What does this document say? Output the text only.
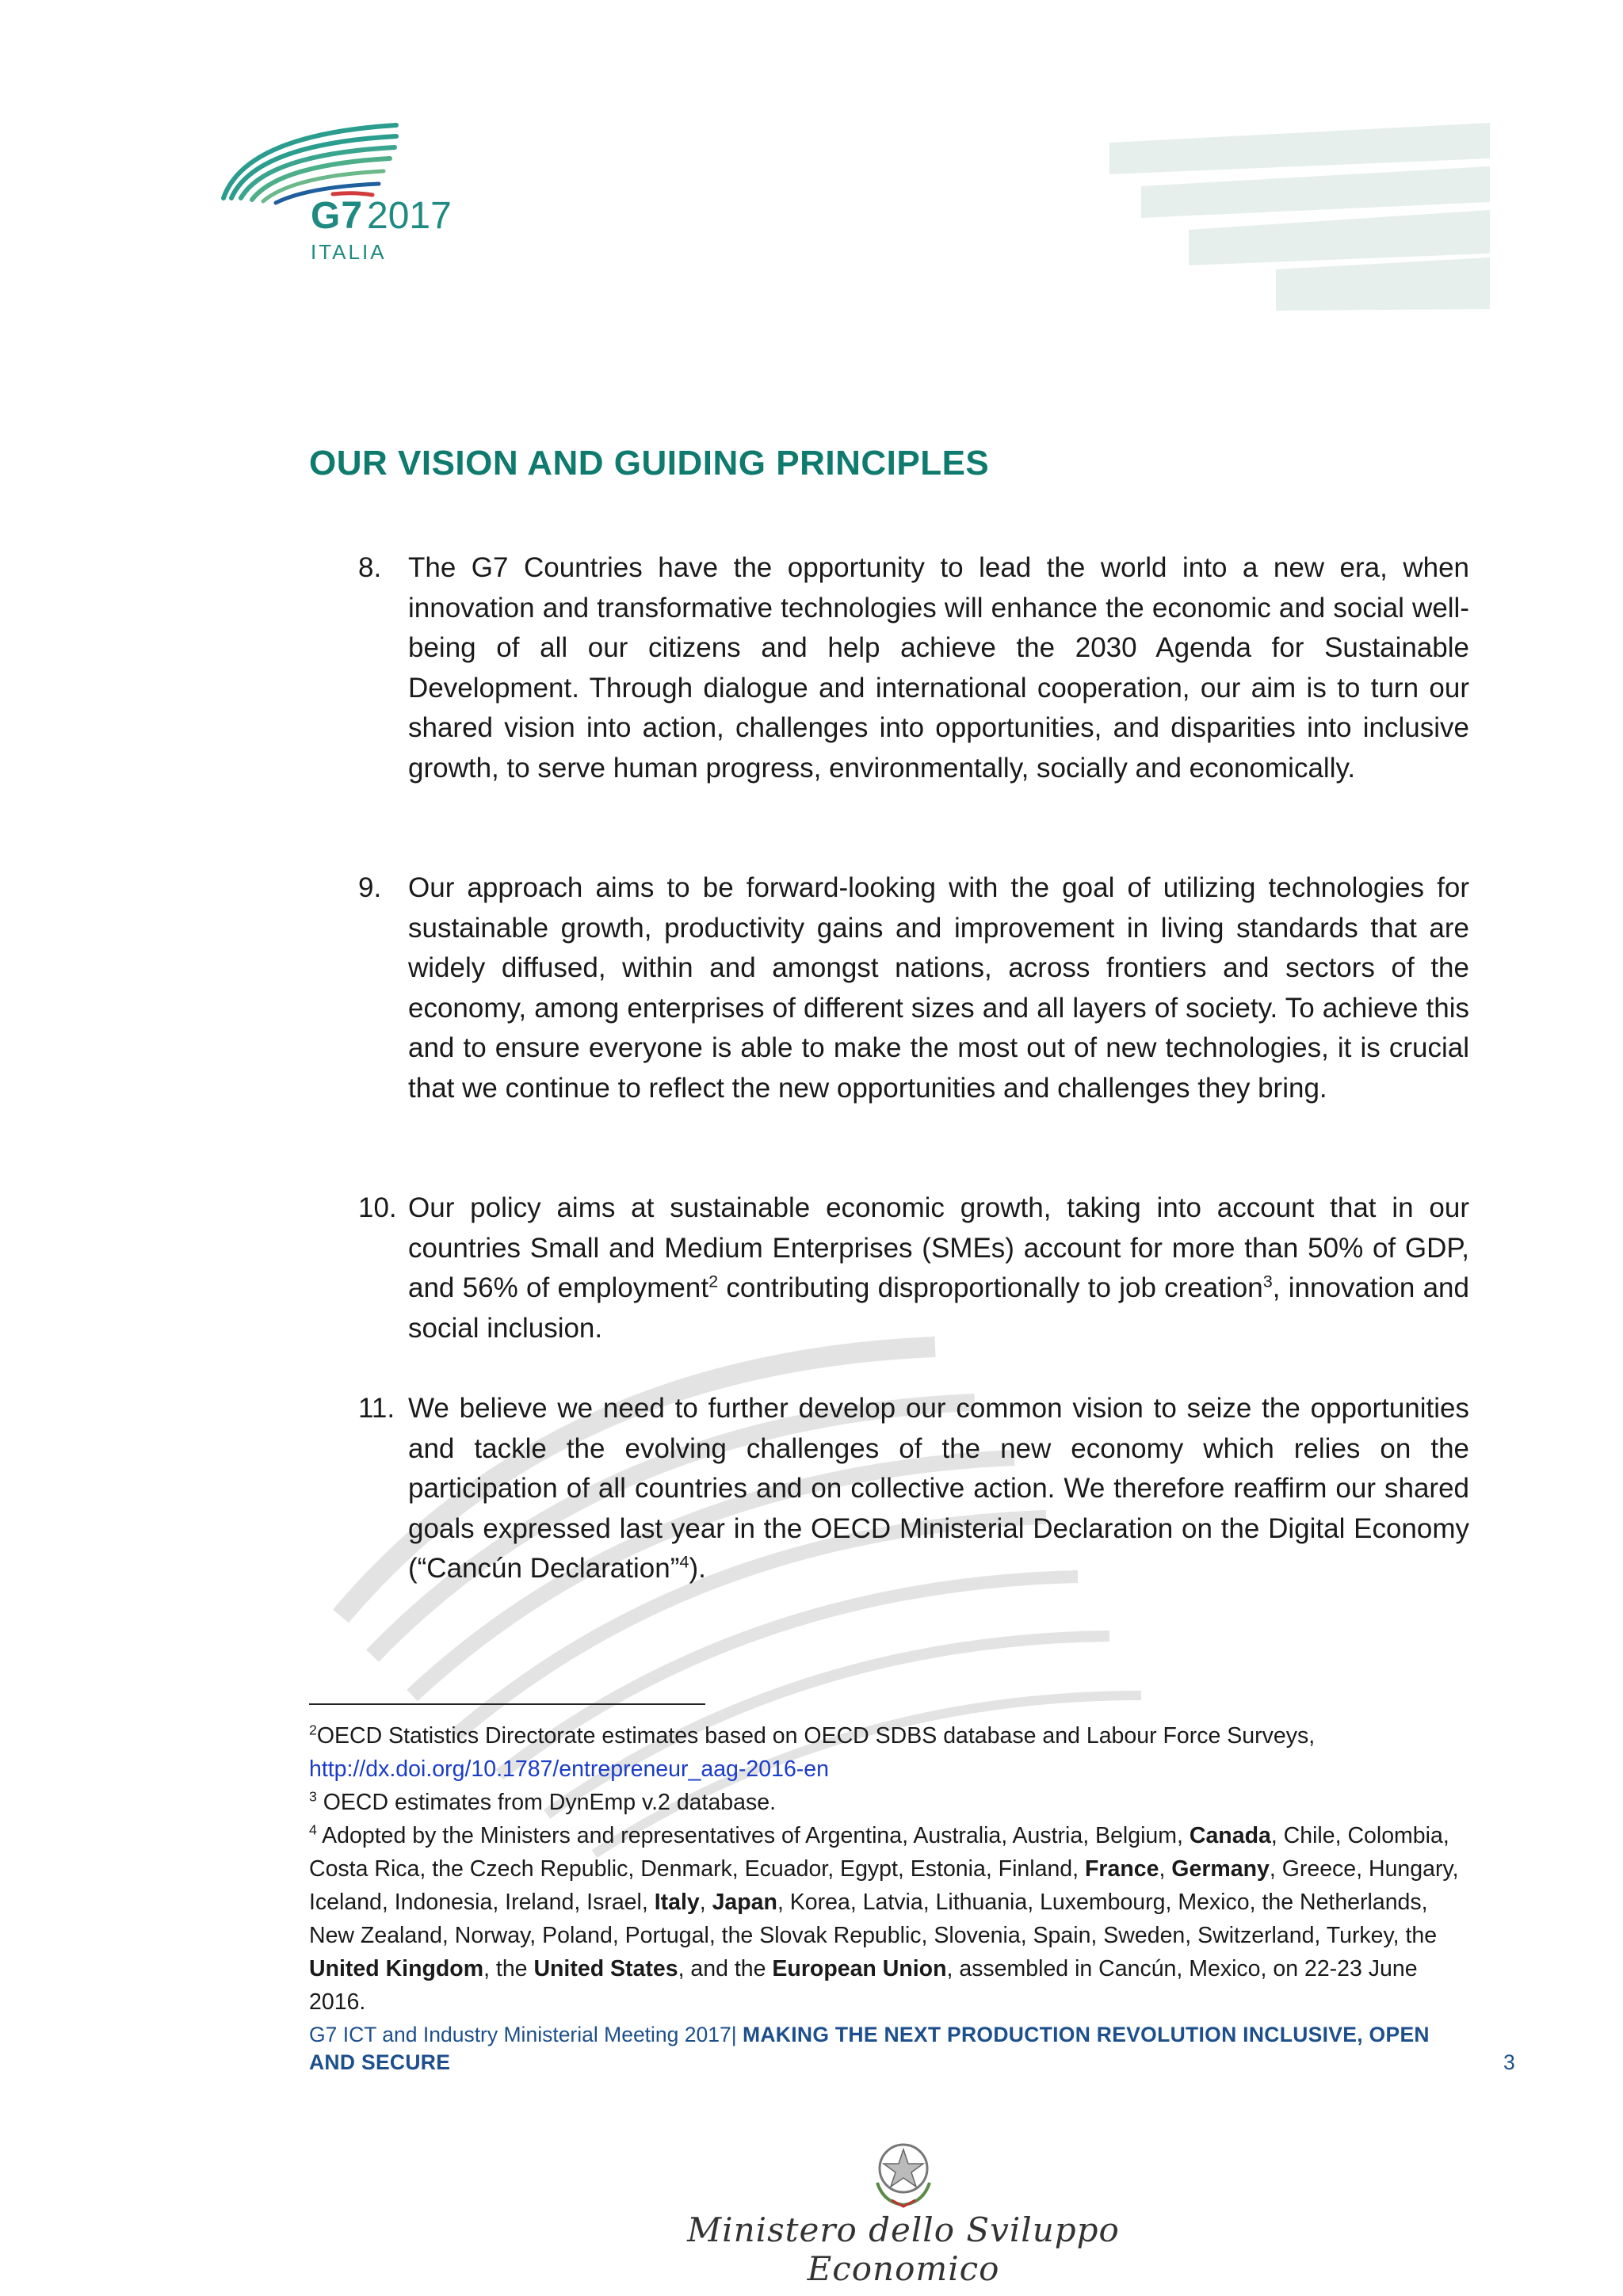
G7 2017
ITALIA
OUR VISION AND GUIDING PRINCIPLES
8. The G7 Countries have the opportunity to lead the world into a new era, when innovation and transformative technologies will enhance the economic and social well-being of all our citizens and help achieve the 2030 Agenda for Sustainable Development. Through dialogue and international cooperation, our aim is to turn our shared vision into action, challenges into opportunities, and disparities into inclusive growth, to serve human progress, environmentally, socially and economically.
9. Our approach aims to be forward-looking with the goal of utilizing technologies for sustainable growth, productivity gains and improvement in living standards that are widely diffused, within and amongst nations, across frontiers and sectors of the economy, among enterprises of different sizes and all layers of society. To achieve this and to ensure everyone is able to make the most out of new technologies, it is crucial that we continue to reflect the new opportunities and challenges they bring.
10. Our policy aims at sustainable economic growth, taking into account that in our countries Small and Medium Enterprises (SMEs) account for more than 50% of GDP, and 56% of employment$^2$ contributing disproportionally to job creation$^3$, innovation and social inclusion.
11. We believe we need to further develop our common vision to seize the opportunities and tackle the evolving challenges of the new economy which relies on the participation of all countries and on collective action. We therefore reaffirm our shared goals expressed last year in the OECD Ministerial Declaration on the Digital Economy (“Cancún Declaration”$^4$).

$^2$OECD Statistics Directorate estimates based on OECD SDBS database and Labour Force Surveys,

http://dx.doi.org/10.1787/entrepreneur_aag-2016-en

$^3$ OECD estimates from DynEmp v.2 database.

$^4$ Adopted by the Ministers and representatives of Argentina, Australia, Austria, Belgium, Canada, Chile, Colombia, Costa Rica, the Czech Republic, Denmark, Ecuador, Egypt, Estonia, Finland, France, Germany, Greece, Hungary, Iceland, Indonesia, Ireland, Israel, Italy, Japan, Korea, Latvia, Lithuania, Luxembourg, Mexico, the Netherlands, New Zealand, Norway, Poland, Portugal, the Slovak Republic, Slovenia, Spain, Sweden, Switzerland, Turkey, the United Kingdom, the United States, and the European Union, assembled in Cancún, Mexico, on 22-23 June 2016.

G7 ICT and Industry Ministerial Meeting 2017| MAKING THE NEXT PRODUCTION REVOLUTION INCLUSIVE, OPEN
AND SECURE	3
Ministero dello Sviluppo Economico
